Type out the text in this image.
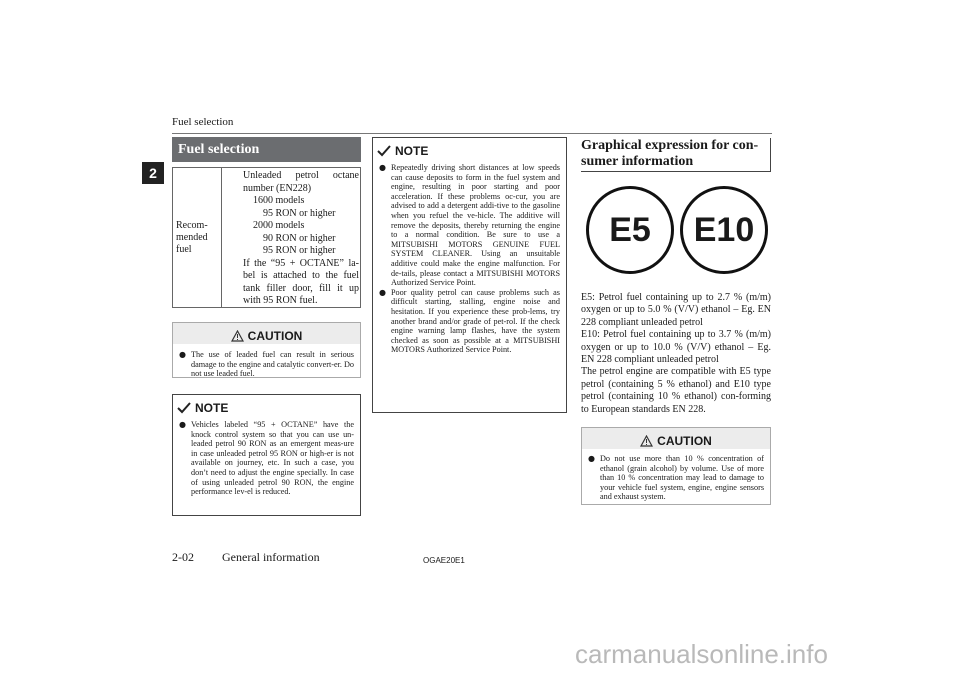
Fuel selection
2
Fuel selection
Recom-
mended
fuel
Unleaded petrol octane number (EN228)
1600 models
95 RON or higher
2000 models
90 RON or higher
95 RON or higher
If the “95 + OCTANE” la-bel is attached to the fuel tank filler door, fill it up with 95 RON fuel.
CAUTION
● The use of leaded fuel can result in serious damage to the engine and catalytic convert-er. Do not use leaded fuel.
NOTE
● Vehicles labeled “95 + OCTANE” have the knock control system so that you can use un-leaded petrol 90 RON as an emergent meas-ure in case unleaded petrol 95 RON or high-er is not available on journey, etc. In such a case, you don’t need to adjust the engine specially. In case of using unleaded petrol 90 RON, the engine performance lev-el is reduced.
NOTE
● Repeatedly driving short distances at low speeds can cause deposits to form in the fuel system and engine, resulting in poor starting and poor acceleration. If these problems oc-cur, you are advised to add a detergent addi-tive to the gasoline when you refuel the ve-hicle. The additive will remove the deposits, thereby returning the engine to a normal condition. Be sure to use a MITSUBISHI MOTORS GENUINE FUEL SYSTEM CLEANER. Using an unsuitable additive could make the engine malfunction. For de-tails, please contact a MITSUBISHI MOTORS Authorized Service Point.
● Poor quality petrol can cause problems such as difficult starting, stalling, engine noise and hesitation. If you experience these prob-lems, try another brand and/or grade of pet-rol. If the check engine warning lamp flashes, have the system checked as soon as possible at a MITSUBISHI MOTORS Authorized Service Point.
Graphical expression for con-sumer information
E5	E10

E5: Petrol fuel containing up to 2.7 % (m/m) oxygen or up to 5.0 % (V/V) ethanol – Eg. EN 228 compliant unleaded petrol

E10: Petrol fuel containing up to 3.7 % (m/m) oxygen or up to 10.0 % (V/V) ethanol – Eg. EN 228 compliant unleaded petrol

The petrol engine are compatible with E5 type petrol (containing 5 % ethanol) and E10 type petrol (containing 10 % ethanol) con-forming to European standards EN 228.

CAUTION
● Do not use more than 10 % concentration of ethanol (grain alcohol) by volume. Use of more than 10 % concentration may lead to damage to your vehicle fuel system, engine, engine sensors and exhaust system.
2-02 General information	OGAE20E1
carmanualsonline.info
